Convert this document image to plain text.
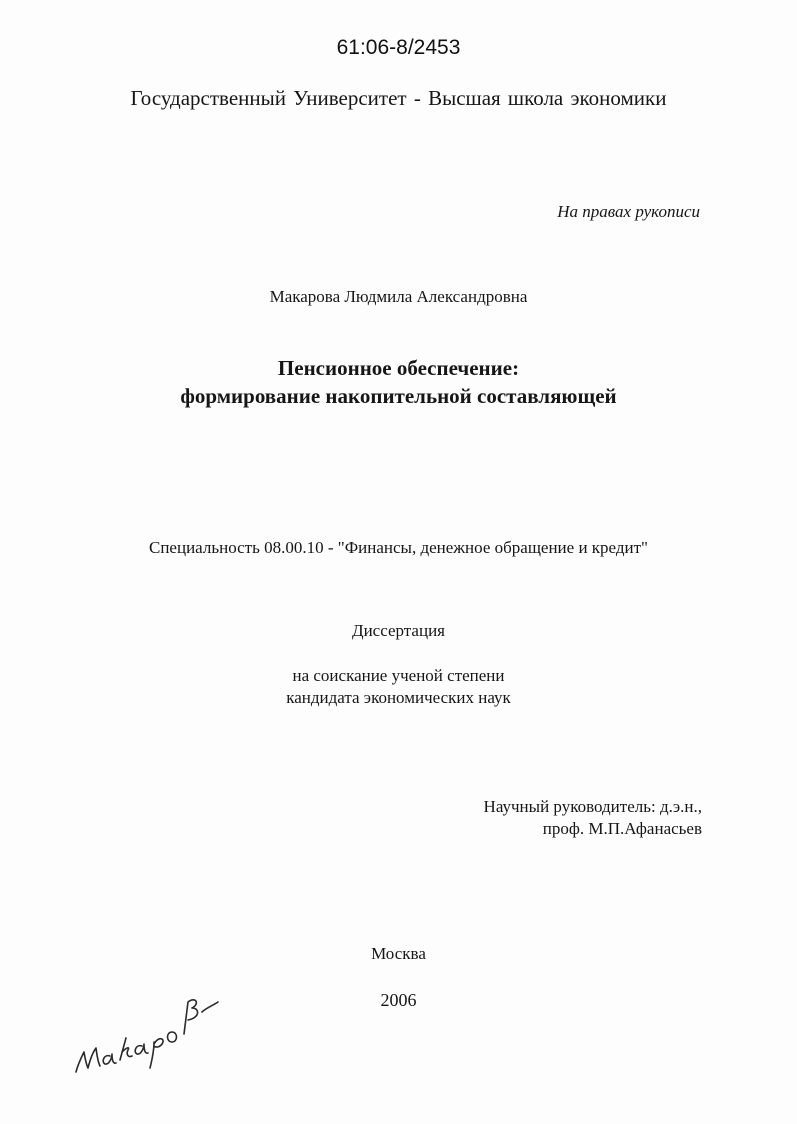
61:06-8/2453
Государственный Университет - Высшая школа экономики
На правах рукописи
Макарова Людмила Александровна
Пенсионное обеспечение:
формирование накопительной составляющей
Специальность 08.00.10 - "Финансы, денежное обращение и кредит"
Диссертация
на соискание ученой степени
кандидата экономических наук
Научный руководитель: д.э.н.,
проф. М.П.Афанасьев
Москва
2006
